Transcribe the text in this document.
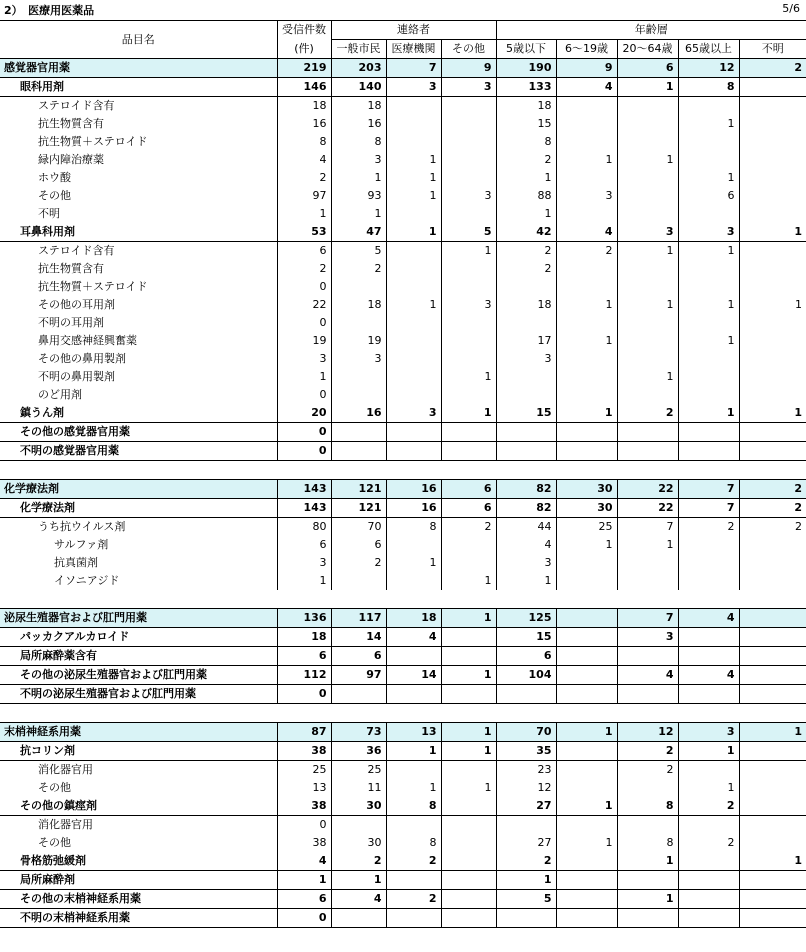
2）　医療用医薬品	5/6
品目名	受信件数	連絡者			年齢層				
	(件)	一般市民	医療機関	その他	5歳以下	6～19歳	20～64歳	65歳以上	不明
感覚器官用薬	219	203	7	9	190	9	6	12	2
眼科用剤	146	140	3	3	133	4	1	8	
ステロイド含有	18	18			18				
抗生物質含有	16	16			15			1	
抗生物質＋ステロイド	8	8			8				
緑内障治療薬	4	3	1		2	1	1		
ホウ酸	2	1	1		1			1	
その他	97	93	1	3	88	3		6	
不明	1	1			1				
耳鼻科用剤	53	47	1	5	42	4	3	3	1
ステロイド含有	6	5		1	2	2	1	1	
抗生物質含有	2	2			2				
抗生物質＋ステロイド	0								
その他の耳用剤	22	18	1	3	18	1	1	1	1
不明の耳用剤	0								
鼻用交感神経興奮薬	19	19			17	1		1	
その他の鼻用製剤	3	3			3				
不明の鼻用製剤	1			1			1		
のど用剤	0								
鎮うん剤	20	16	3	1	15	1	2	1	1
その他の感覚器官用薬	0								
不明の感覚器官用薬	0								

化学療法剤	143	121	16	6	82	30	22	7	2
化学療法剤	143	121	16	6	82	30	22	7	2
うち抗ウイルス剤	80	70	8	2	44	25	7	2	2
サルファ剤	6	6			4	1	1		
抗真菌剤	3	2	1		3				
イソニアジド	1			1	1				

泌尿生殖器官および肛門用薬	136	117	18	1	125		7	4	
パッカクアルカロイド	18	14	4		15		3		
局所麻酔薬含有	6	6			6				
その他の泌尿生殖器官および肛門用薬	112	97	14	1	104		4	4	
不明の泌尿生殖器官および肛門用薬	0								

末梢神経系用薬	87	73	13	1	70	1	12	3	1
抗コリン剤	38	36	1	1	35		2	1	
消化器官用	25	25			23		2		
その他	13	11	1	1	12			1	
その他の鎮痙剤	38	30	8		27	1	8	2	
消化器官用	0								
その他	38	30	8		27	1	8	2	
骨格筋弛緩剤	4	2	2		2		1		1
局所麻酔剤	1	1			1				
その他の末梢神経系用薬	6	4	2		5		1		
不明の末梢神経系用薬	0								
